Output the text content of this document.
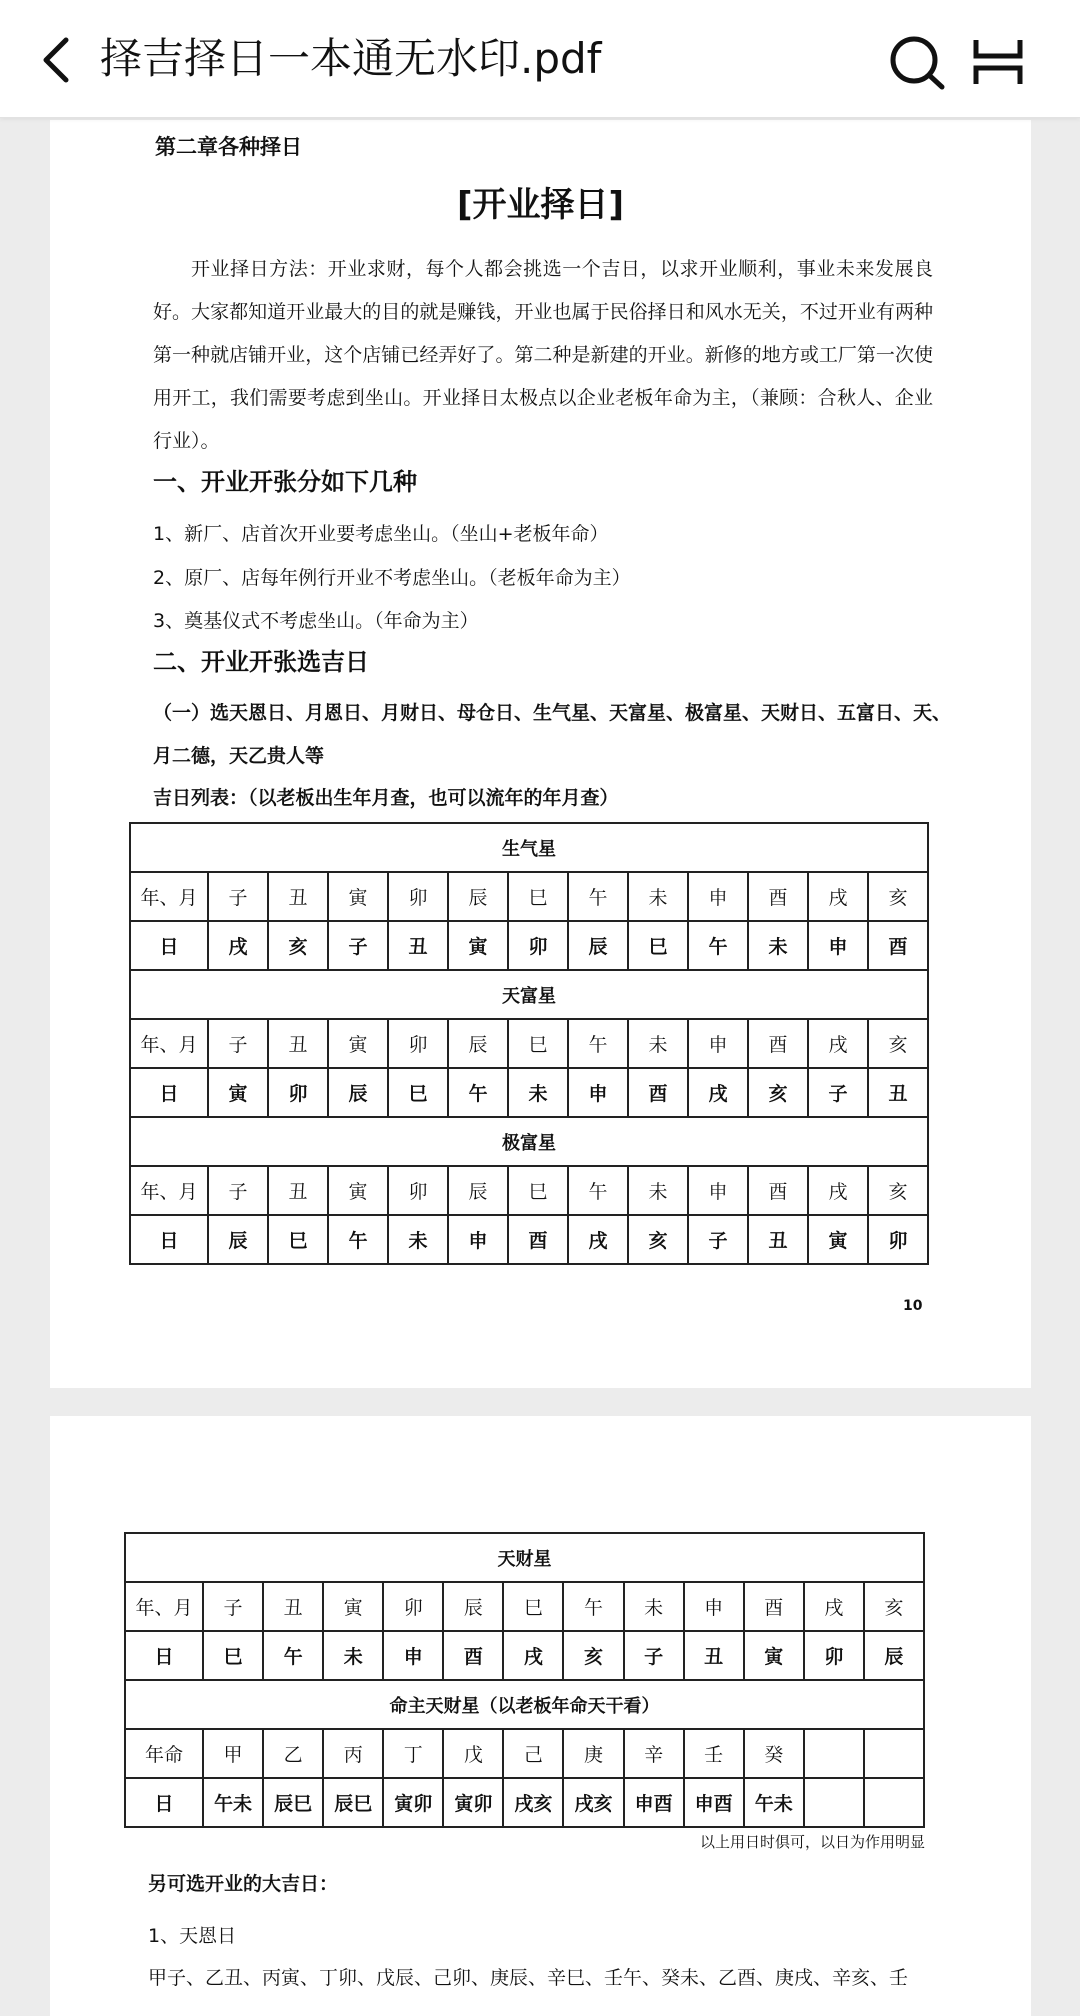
择吉择日一本通无水印.pdf
第二章各种择日
[开业择日]
开业择日方法：开业求财，每个人都会挑选一个吉日，以求开业顺利，事业未来发展良好。大家都知道开业最大的目的就是赚钱，开业也属于民俗择日和风水无关，不过开业有两种第一种就店铺开业，这个店铺已经弄好了。第二种是新建的开业。新修的地方或工厂第一次使用开工，我们需要考虑到坐山。开业择日太极点以企业老板年命为主，（兼顾：合秋人、企业行业）。
一、开业开张分如下几种
1、新厂、店首次开业要考虑坐山。（坐山+老板年命）
2、原厂、店每年例行开业不考虑坐山。（老板年命为主）
3、奠基仪式不考虑坐山。（年命为主）
二、开业开张选吉日
（一）选天恩日、月恩日、月财日、母仓日、生气星、天富星、极富星、天财日、五富日、天、月二德，天乙贵人等
吉日列表：（以老板出生年月查，也可以流年的年月查）
生气星												
年、月	子	丑	寅	卯	辰	巳	午	未	申	酉	戌	亥
日	戌	亥	子	丑	寅	卯	辰	巳	午	未	申	酉
天富星												
年、月	子	丑	寅	卯	辰	巳	午	未	申	酉	戌	亥
日	寅	卯	辰	巳	午	未	申	酉	戌	亥	子	丑
极富星												
年、月	子	丑	寅	卯	辰	巳	午	未	申	酉	戌	亥
日	辰	巳	午	未	申	酉	戌	亥	子	丑	寅	卯
10
天财星												
年、月	子	丑	寅	卯	辰	巳	午	未	申	酉	戌	亥
日	巳	午	未	申	酉	戌	亥	子	丑	寅	卯	辰
命主天财星（以老板年命天干看）												
年命	甲	乙	丙	丁	戊	己	庚	辛	壬	癸		
日	午未	辰巳	辰巳	寅卯	寅卯	戌亥	戌亥	申酉	申酉	午未		
以上用日时俱可，以日为作用明显
另可选开业的大吉日：
1、天恩日
甲子、乙丑、丙寅、丁卯、戊辰、己卯、庚辰、辛巳、壬午、癸未、乙酉、庚戌、辛亥、壬
